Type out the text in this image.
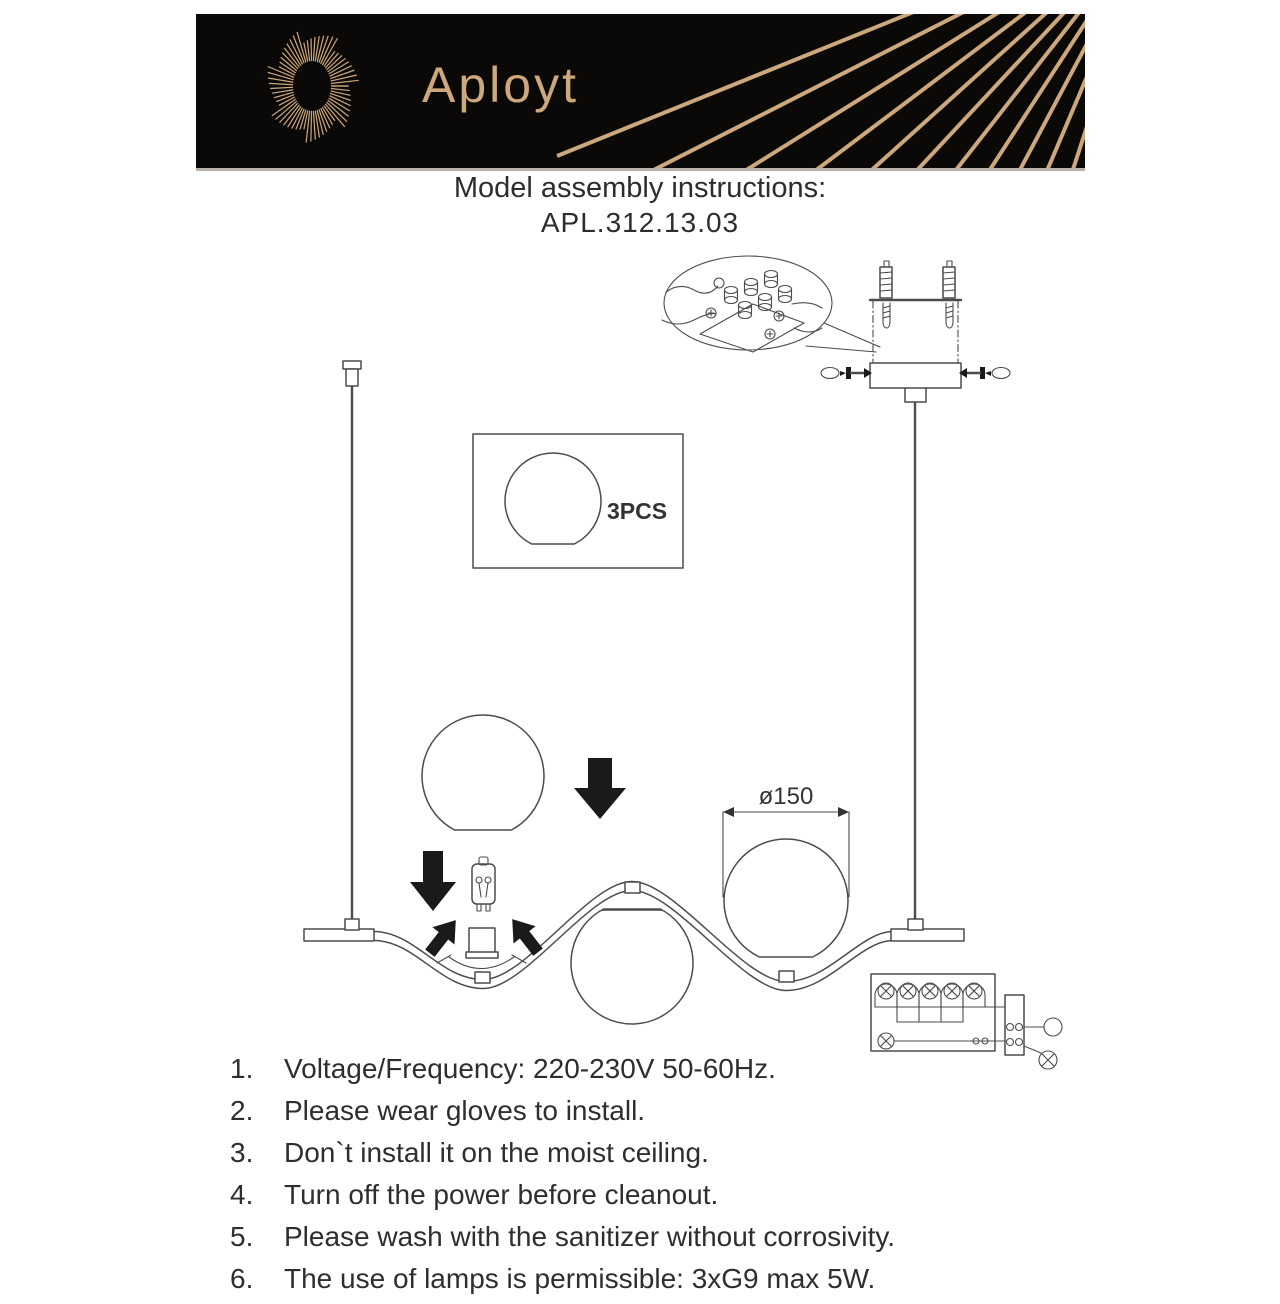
Aployt
Model assembly instructions:
APL.312.13.03
3PCS
ø150
1.	Voltage/Frequency: 220-230V 50-60Hz.
2.	Please wear gloves to install.
3.	Don`t install it on the moist ceiling.
4.	Turn off the power before cleanout.
5.	Please wash with the sanitizer without corrosivity.
6.	The use of lamps is permissible: 3xG9 max 5W.
